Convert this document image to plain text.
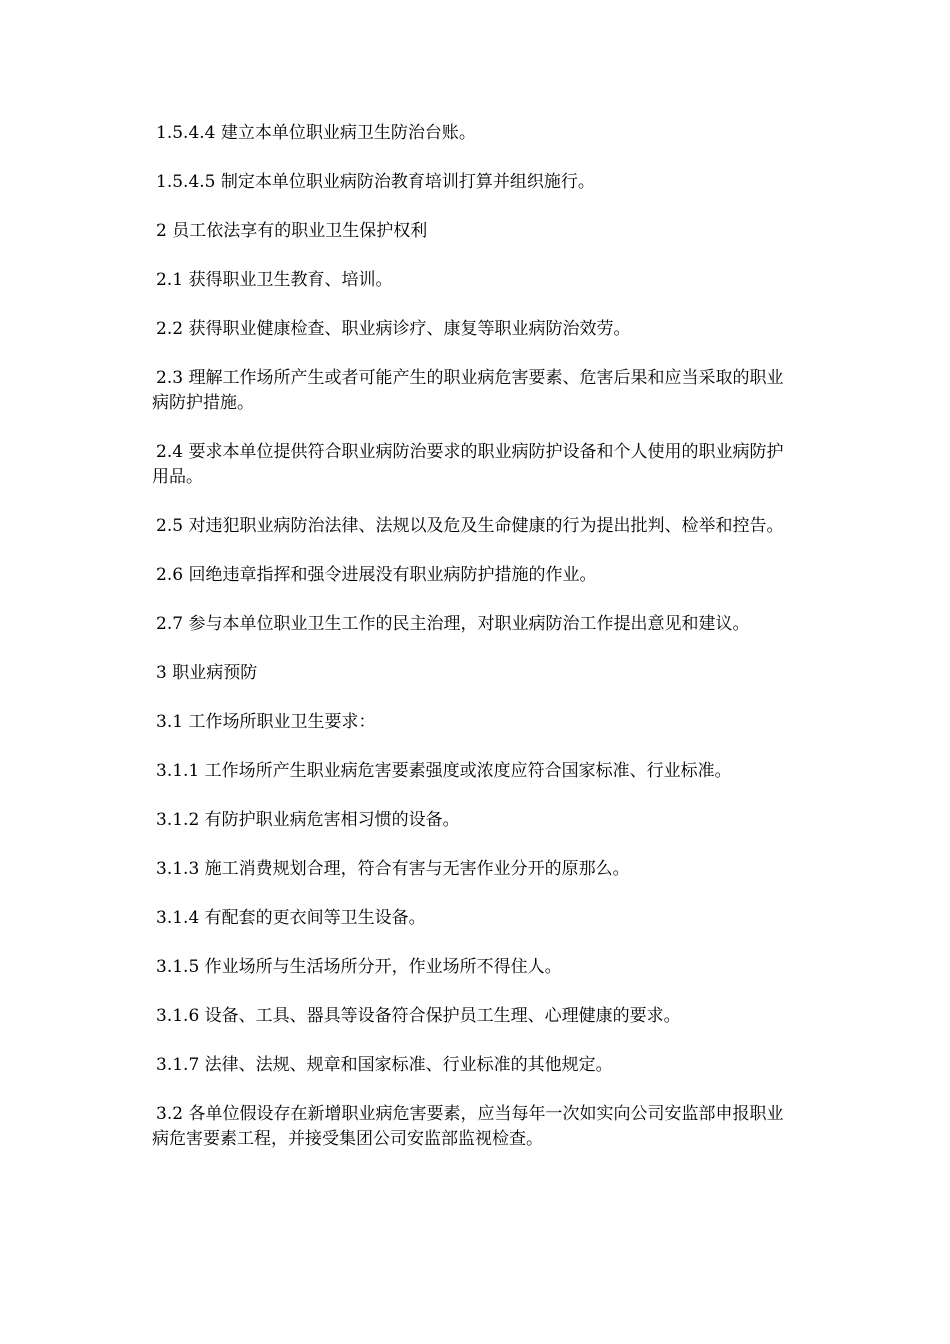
1.5.4.4 建立本单位职业病卫生防治台账。

1.5.4.5 制定本单位职业病防治教育培训打算并组织施行。

2 员工依法享有的职业卫生保护权利

2.1 获得职业卫生教育、培训。

2.2 获得职业健康检查、职业病诊疗、康复等职业病防治效劳。

2.3 理解工作场所产生或者可能产生的职业病危害要素、危害后果和应当采取的职业病防护措施。

2.4 要求本单位提供符合职业病防治要求的职业病防护设备和个人使用的职业病防护用品。

2.5 对违犯职业病防治法律、法规以及危及生命健康的行为提出批判、检举和控告。

2.6 回绝违章指挥和强令进展没有职业病防护措施的作业。

2.7 参与本单位职业卫生工作的民主治理，对职业病防治工作提出意见和建议。

3 职业病预防

3.1 工作场所职业卫生要求：

3.1.1 工作场所产生职业病危害要素强度或浓度应符合国家标准、行业标准。

3.1.2 有防护职业病危害相习惯的设备。

3.1.3 施工消费规划合理，符合有害与无害作业分开的原那么。

3.1.4 有配套的更衣间等卫生设备。

3.1.5 作业场所与生活场所分开，作业场所不得住人。

3.1.6 设备、工具、器具等设备符合保护员工生理、心理健康的要求。

3.1.7 法律、法规、规章和国家标准、行业标准的其他规定。

3.2 各单位假设存在新增职业病危害要素，应当每年一次如实向公司安监部申报职业病危害要素工程，并接受集团公司安监部监视检查。
